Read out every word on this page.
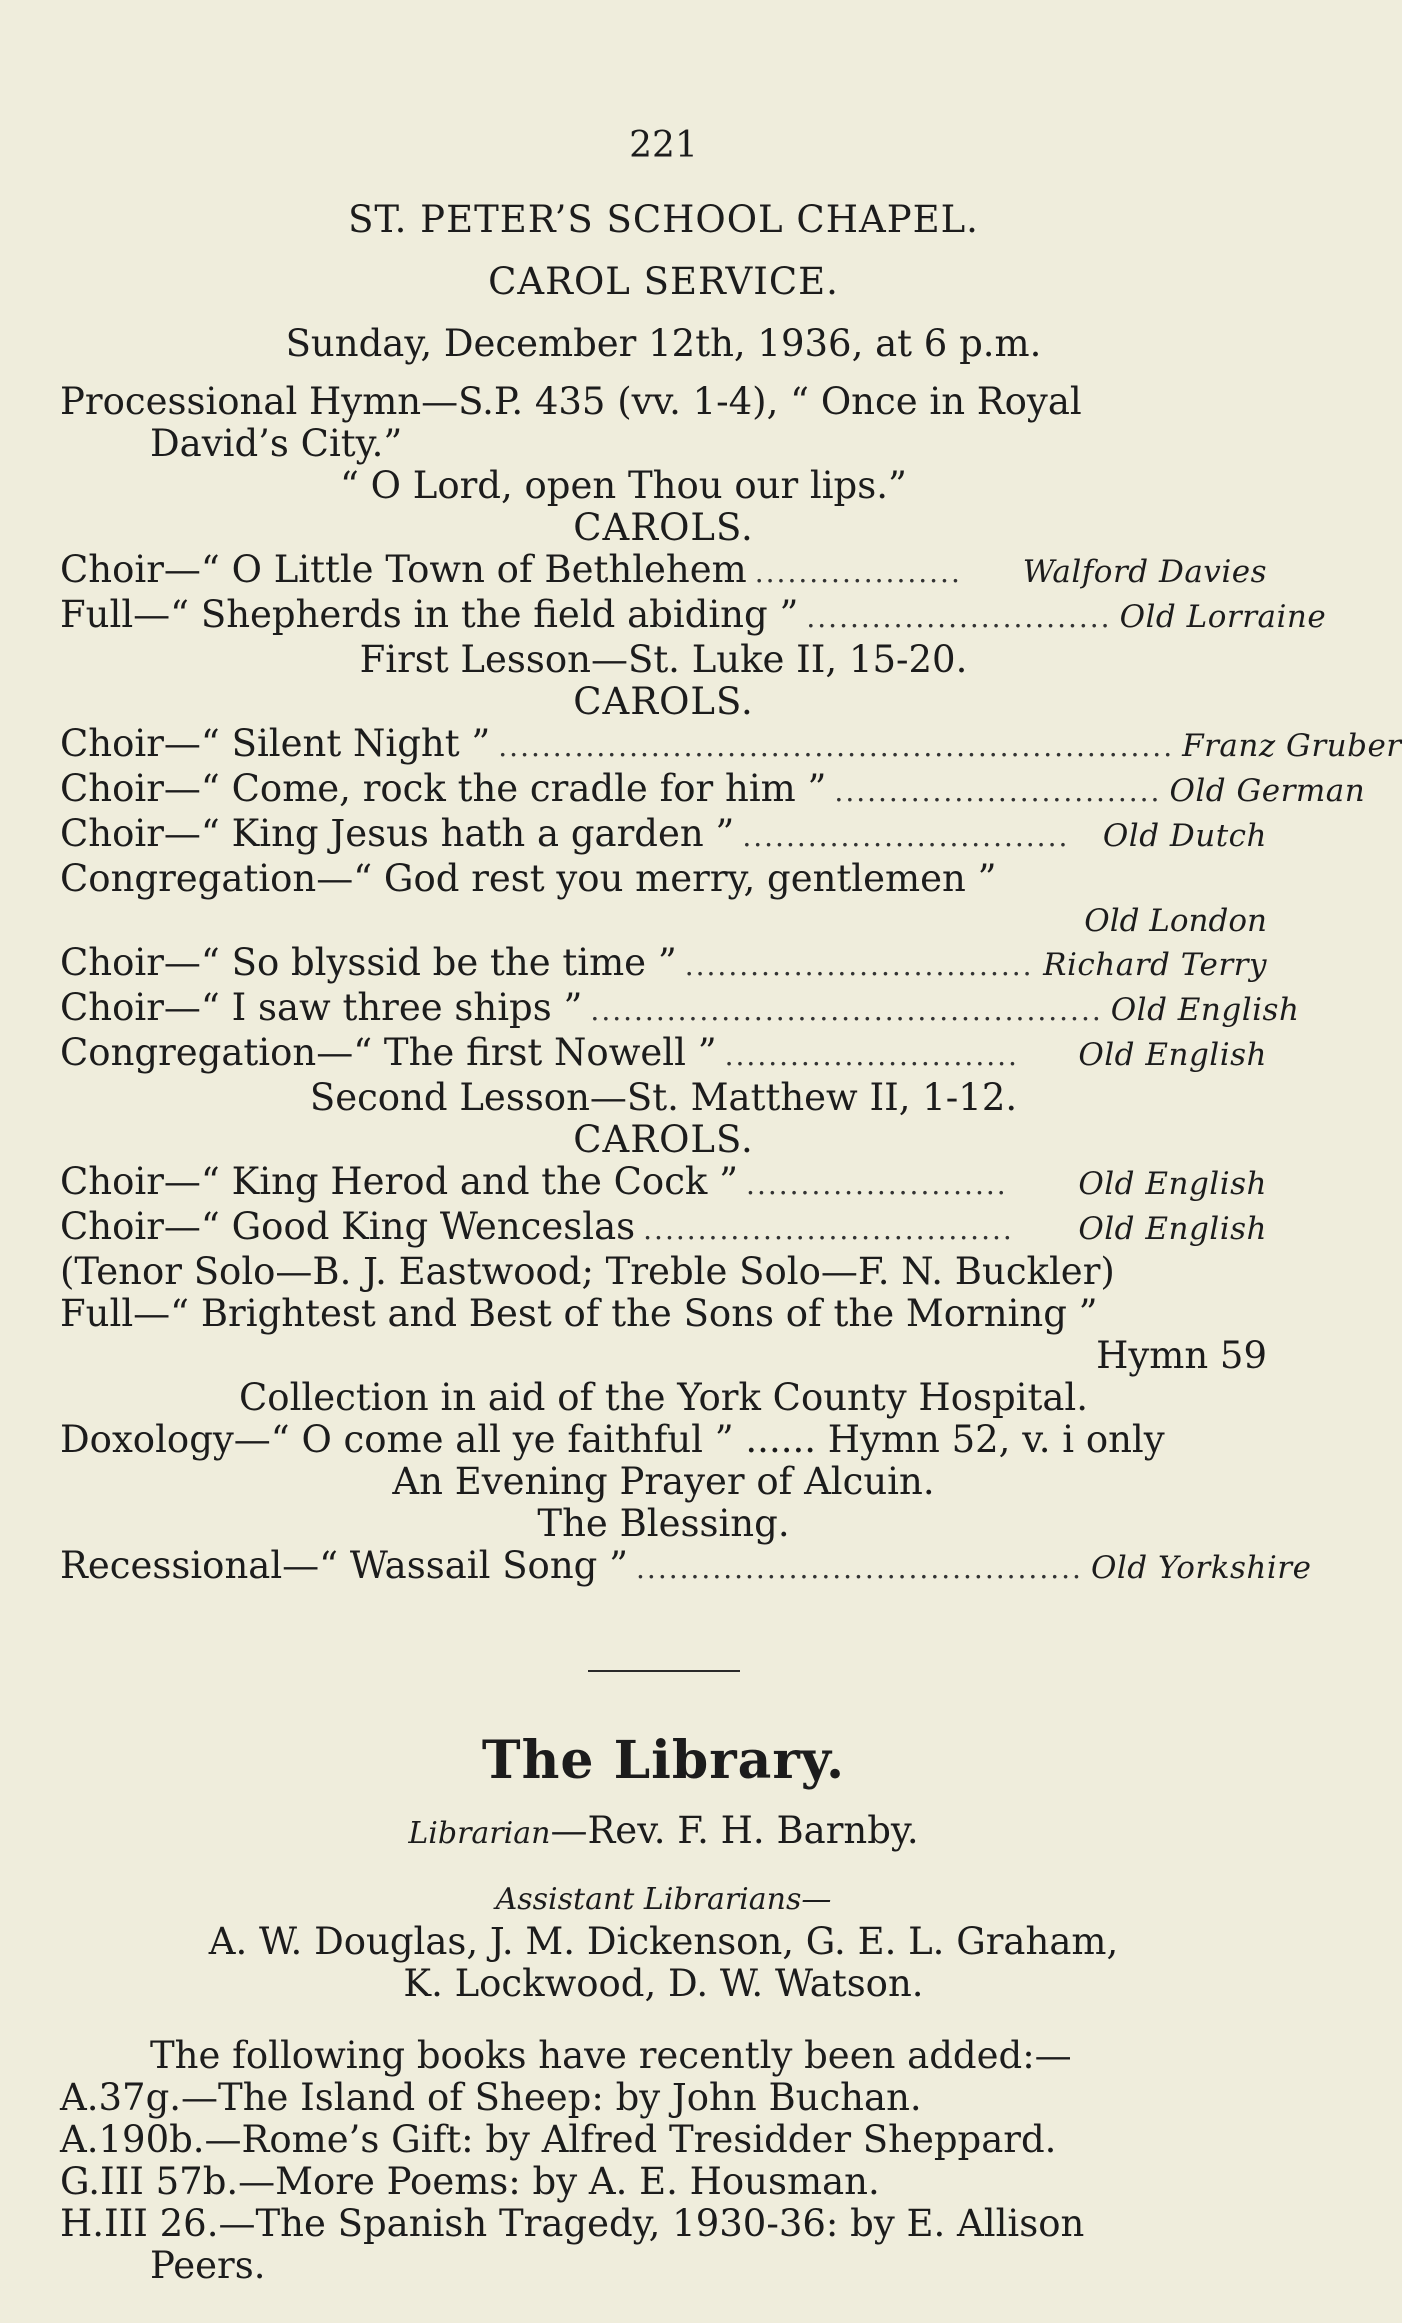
221
ST. PETER’S SCHOOL CHAPEL.
CAROL SERVICE.
Sunday, December 12th, 1936, at 6 p.m.
Processional Hymn—S.P. 435 (vv. 1-4), “ Once in Royal
David’s City.”
“ O Lord, open Thou our lips.”
CAROLS.
Choir—“ O Little Town of Bethlehem ...................	Walford Davies
Full—“ Shepherds in the field abiding ” ............................ Old Lorraine
First Lesson—St. Luke II, 15-20.
CAROLS.
Choir—“ Silent Night ” .............................................................. Franz Gruber
Choir—“ Come, rock the cradle for him ” .............................. Old German
Choir—“ King Jesus hath a garden ” ..............................	Old Dutch
Congregation—“ God rest you merry, gentlemen ”
Old London
Choir—“ So blyssid be the time ” ................................ Richard Terry
Choir—“ I saw three ships ” ............................................... Old English
Congregation—“ The first Nowell ” ...........................	Old English
Second Lesson—St. Matthew II, 1-12.
CAROLS.
Choir—“ King Herod and the Cock ” ........................	Old English
Choir—“ Good King Wenceslas ..................................	Old English
(Tenor Solo—B. J. Eastwood; Treble Solo—F. N. Buckler)
Full—“ Brightest and Best of the Sons of the Morning ”
Hymn 59
Collection in aid of the York County Hospital.
Doxology—“ O come all ye faithful ” ...... Hymn 52, v. i only
An Evening Prayer of Alcuin.
The Blessing.
Recessional—“ Wassail Song ” ......................................... Old Yorkshire
The Library.
Librarian—Rev. F. H. Barnby.
Assistant Librarians—
A. W. Douglas, J. M. Dickenson, G. E. L. Graham,
K. Lockwood, D. W. Watson.
The following books have recently been added:—
A. 37g.—The Island of Sheep: by John Buchan.
A. 190b.—Rome’s Gift: by Alfred Tresidder Sheppard.
G. III 57b.—More Poems: by A. E. Housman.
H. III 26.—The Spanish Tragedy, 1930-36: by E. Allison
Peers.
